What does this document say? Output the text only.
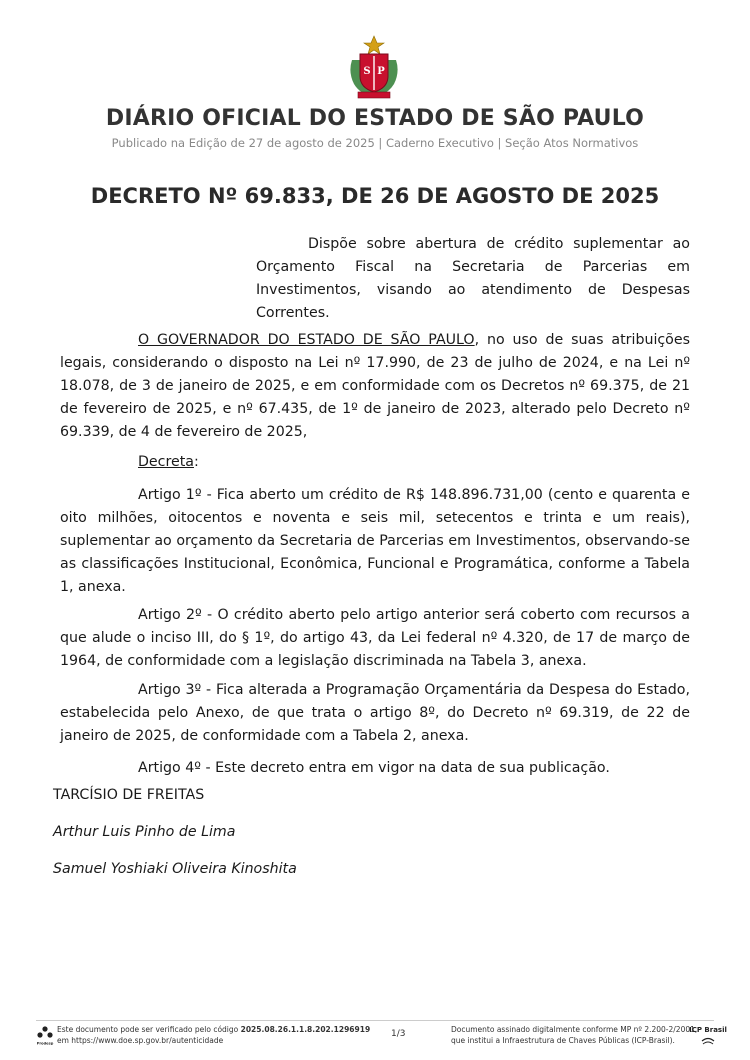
S P
DIÁRIO OFICIAL DO ESTADO DE SÃO PAULO
Publicado na Edição de 27 de agosto de 2025 | Caderno Executivo | Seção Atos Normativos
DECRETO Nº 69.833, DE 26 DE AGOSTO DE 2025

Dispõe sobre abertura de crédito suplementar ao Orçamento Fiscal na Secretaria de Parcerias em Investimentos, visando ao atendimento de Despesas Correntes.

O GOVERNADOR DO ESTADO DE SÃO PAULO, no uso de suas atribuições legais, considerando o disposto na Lei nº 17.990, de 23 de julho de 2024, e na Lei nº 18.078, de 3 de janeiro de 2025, e em conformidade com os Decretos nº 69.375, de 21 de fevereiro de 2025, e nº 67.435, de 1º de janeiro de 2023, alterado pelo Decreto nº 69.339, de 4 de fevereiro de 2025,

Decreta:

Artigo 1º - Fica aberto um crédito de R$ 148.896.731,00 (cento e quarenta e oito milhões, oitocentos e noventa e seis mil, setecentos e trinta e um reais), suplementar ao orçamento da Secretaria de Parcerias em Investimentos, observando-se as classificações Institucional, Econômica, Funcional e Programática, conforme a Tabela 1, anexa.

Artigo 2º - O crédito aberto pelo artigo anterior será coberto com recursos a que alude o inciso III, do § 1º, do artigo 43, da Lei federal nº 4.320, de 17 de março de 1964, de conformidade com a legislação discriminada na Tabela 3, anexa.

Artigo 3º - Fica alterada a Programação Orçamentária da Despesa do Estado, estabelecida pelo Anexo, de que trata o artigo 8º, do Decreto nº 69.319, de 22 de janeiro de 2025, de conformidade com a Tabela 2, anexa.

Artigo 4º - Este decreto entra em vigor na data de sua publicação.

TARCÍSIO DE FREITAS
Arthur Luis Pinho de Lima
Samuel Yoshiaki Oliveira Kinoshita
Prodesp
Este documento pode ser verificado pelo código 2025.08.26.1.1.8.202.1296919
em https://www.doe.sp.gov.br/autenticidade
1/3	Documento assinado digitalmente conforme MP nº 2.200-2/2001,
que institui a Infraestrutura de Chaves Públicas (ICP-Brasil).
ICP Brasil
